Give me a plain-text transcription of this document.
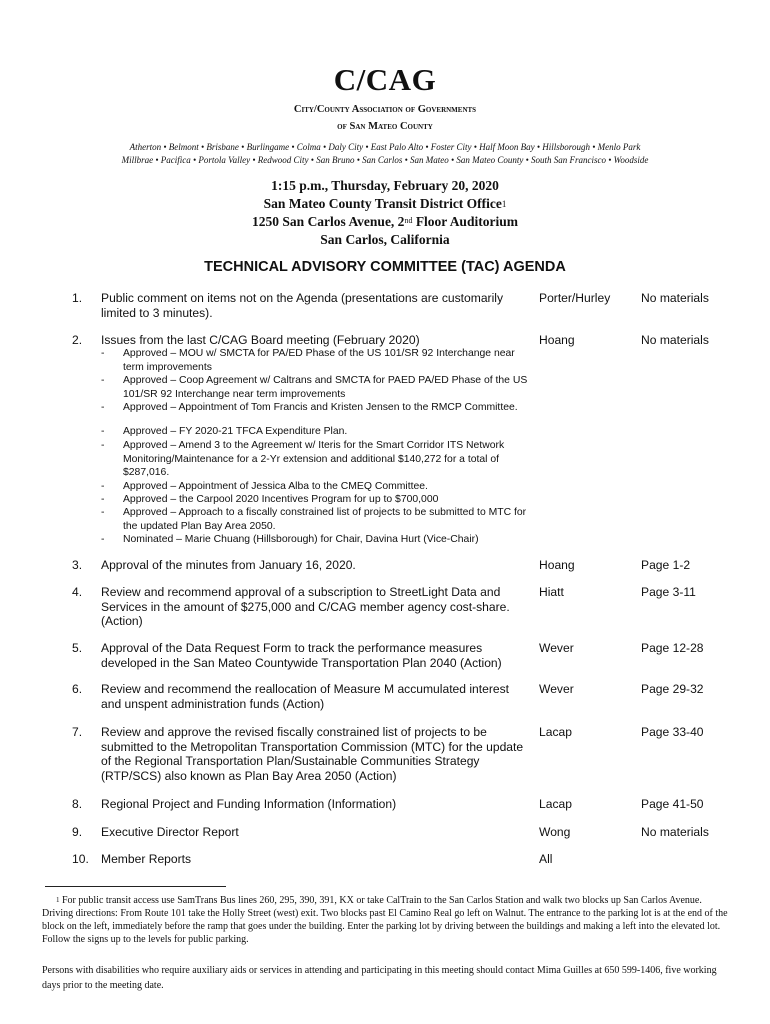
C/CAG
City/County Association of Governments
of San Mateo County
Atherton • Belmont • Brisbane • Burlingame • Colma • Daly City • East Palo Alto • Foster City • Half Moon Bay • Hillsborough • Menlo Park
Millbrae • Pacifica • Portola Valley • Redwood City • San Bruno • San Carlos • San Mateo • San Mateo County • South San Francisco • Woodside
1:15 p.m., Thursday, February 20, 2020
San Mateo County Transit District Office$^1$
1250 San Carlos Avenue, 2nd Floor Auditorium
San Carlos, California
TECHNICAL ADVISORY COMMITTEE (TAC) AGENDA
1. Public comment on items not on the Agenda (presentations are customarily limited to 3 minutes).
Porter/Hurley	No materials
2. Issues from the last C/CAG Board meeting (February 2020)	Hoang	No materials
- Approved – MOU w/ SMCTA for PA/ED Phase of the US 101/SR 92 Interchange near term improvements
- Approved – Coop Agreement w/ Caltrans and SMCTA for PAED PA/ED Phase of the US 101/SR 92 Interchange near term improvements
- Approved – Appointment of Tom Francis and Kristen Jensen to the RMCP Committee.
- Approved – FY 2020-21 TFCA Expenditure Plan.
- Approved – Amend 3 to the Agreement w/ Iteris for the Smart Corridor ITS Network Monitoring/Maintenance for a 2-Yr extension and additional $140,272 for a total of $287,016.
- Approved – Appointment of Jessica Alba to the CMEQ Committee.
- Approved – the Carpool 2020 Incentives Program for up to $700,000
- Approved – Approach to a fiscally constrained list of projects to be submitted to MTC for the updated Plan Bay Area 2050.
- Nominated – Marie Chuang (Hillsborough) for Chair, Davina Hurt (Vice-Chair)
3. Approval of the minutes from January 16, 2020.	Hoang	Page 1-2
4. Review and recommend approval of a subscription to StreetLight Data and Services in the amount of $275,000 and C/CAG member agency cost-share. (Action)
Hiatt	Page 3-11
5. Approval of the Data Request Form to track the performance measures developed in the San Mateo Countywide Transportation Plan 2040 (Action)
Wever	Page 12-28
6. Review and recommend the reallocation of Measure M accumulated interest and unspent administration funds (Action)
Wever	Page 29-32
7. Review and approve the revised fiscally constrained list of projects to be submitted to the Metropolitan Transportation Commission (MTC) for the update of the Regional Transportation Plan/Sustainable Communities Strategy (RTP/SCS) also known as Plan Bay Area 2050 (Action)
Lacap	Page 33-40
8. Regional Project and Funding Information (Information)	Lacap	Page 41-50
9. Executive Director Report	Wong	No materials
10. Member Reports	All
$^1$ For public transit access use SamTrans Bus lines 260, 295, 390, 391, KX or take CalTrain to the San Carlos Station and walk two blocks up San Carlos Avenue. Driving directions: From Route 101 take the Holly Street (west) exit. Two blocks past El Camino Real go left on Walnut. The entrance to the parking lot is at the end of the block on the left, immediately before the ramp that goes under the building. Enter the parking lot by driving between the buildings and making a left into the elevated lot. Follow the signs up to the levels for public parking.
Persons with disabilities who require auxiliary aids or services in attending and participating in this meeting should contact Mima Guilles at 650 599-1406, five working days prior to the meeting date.
